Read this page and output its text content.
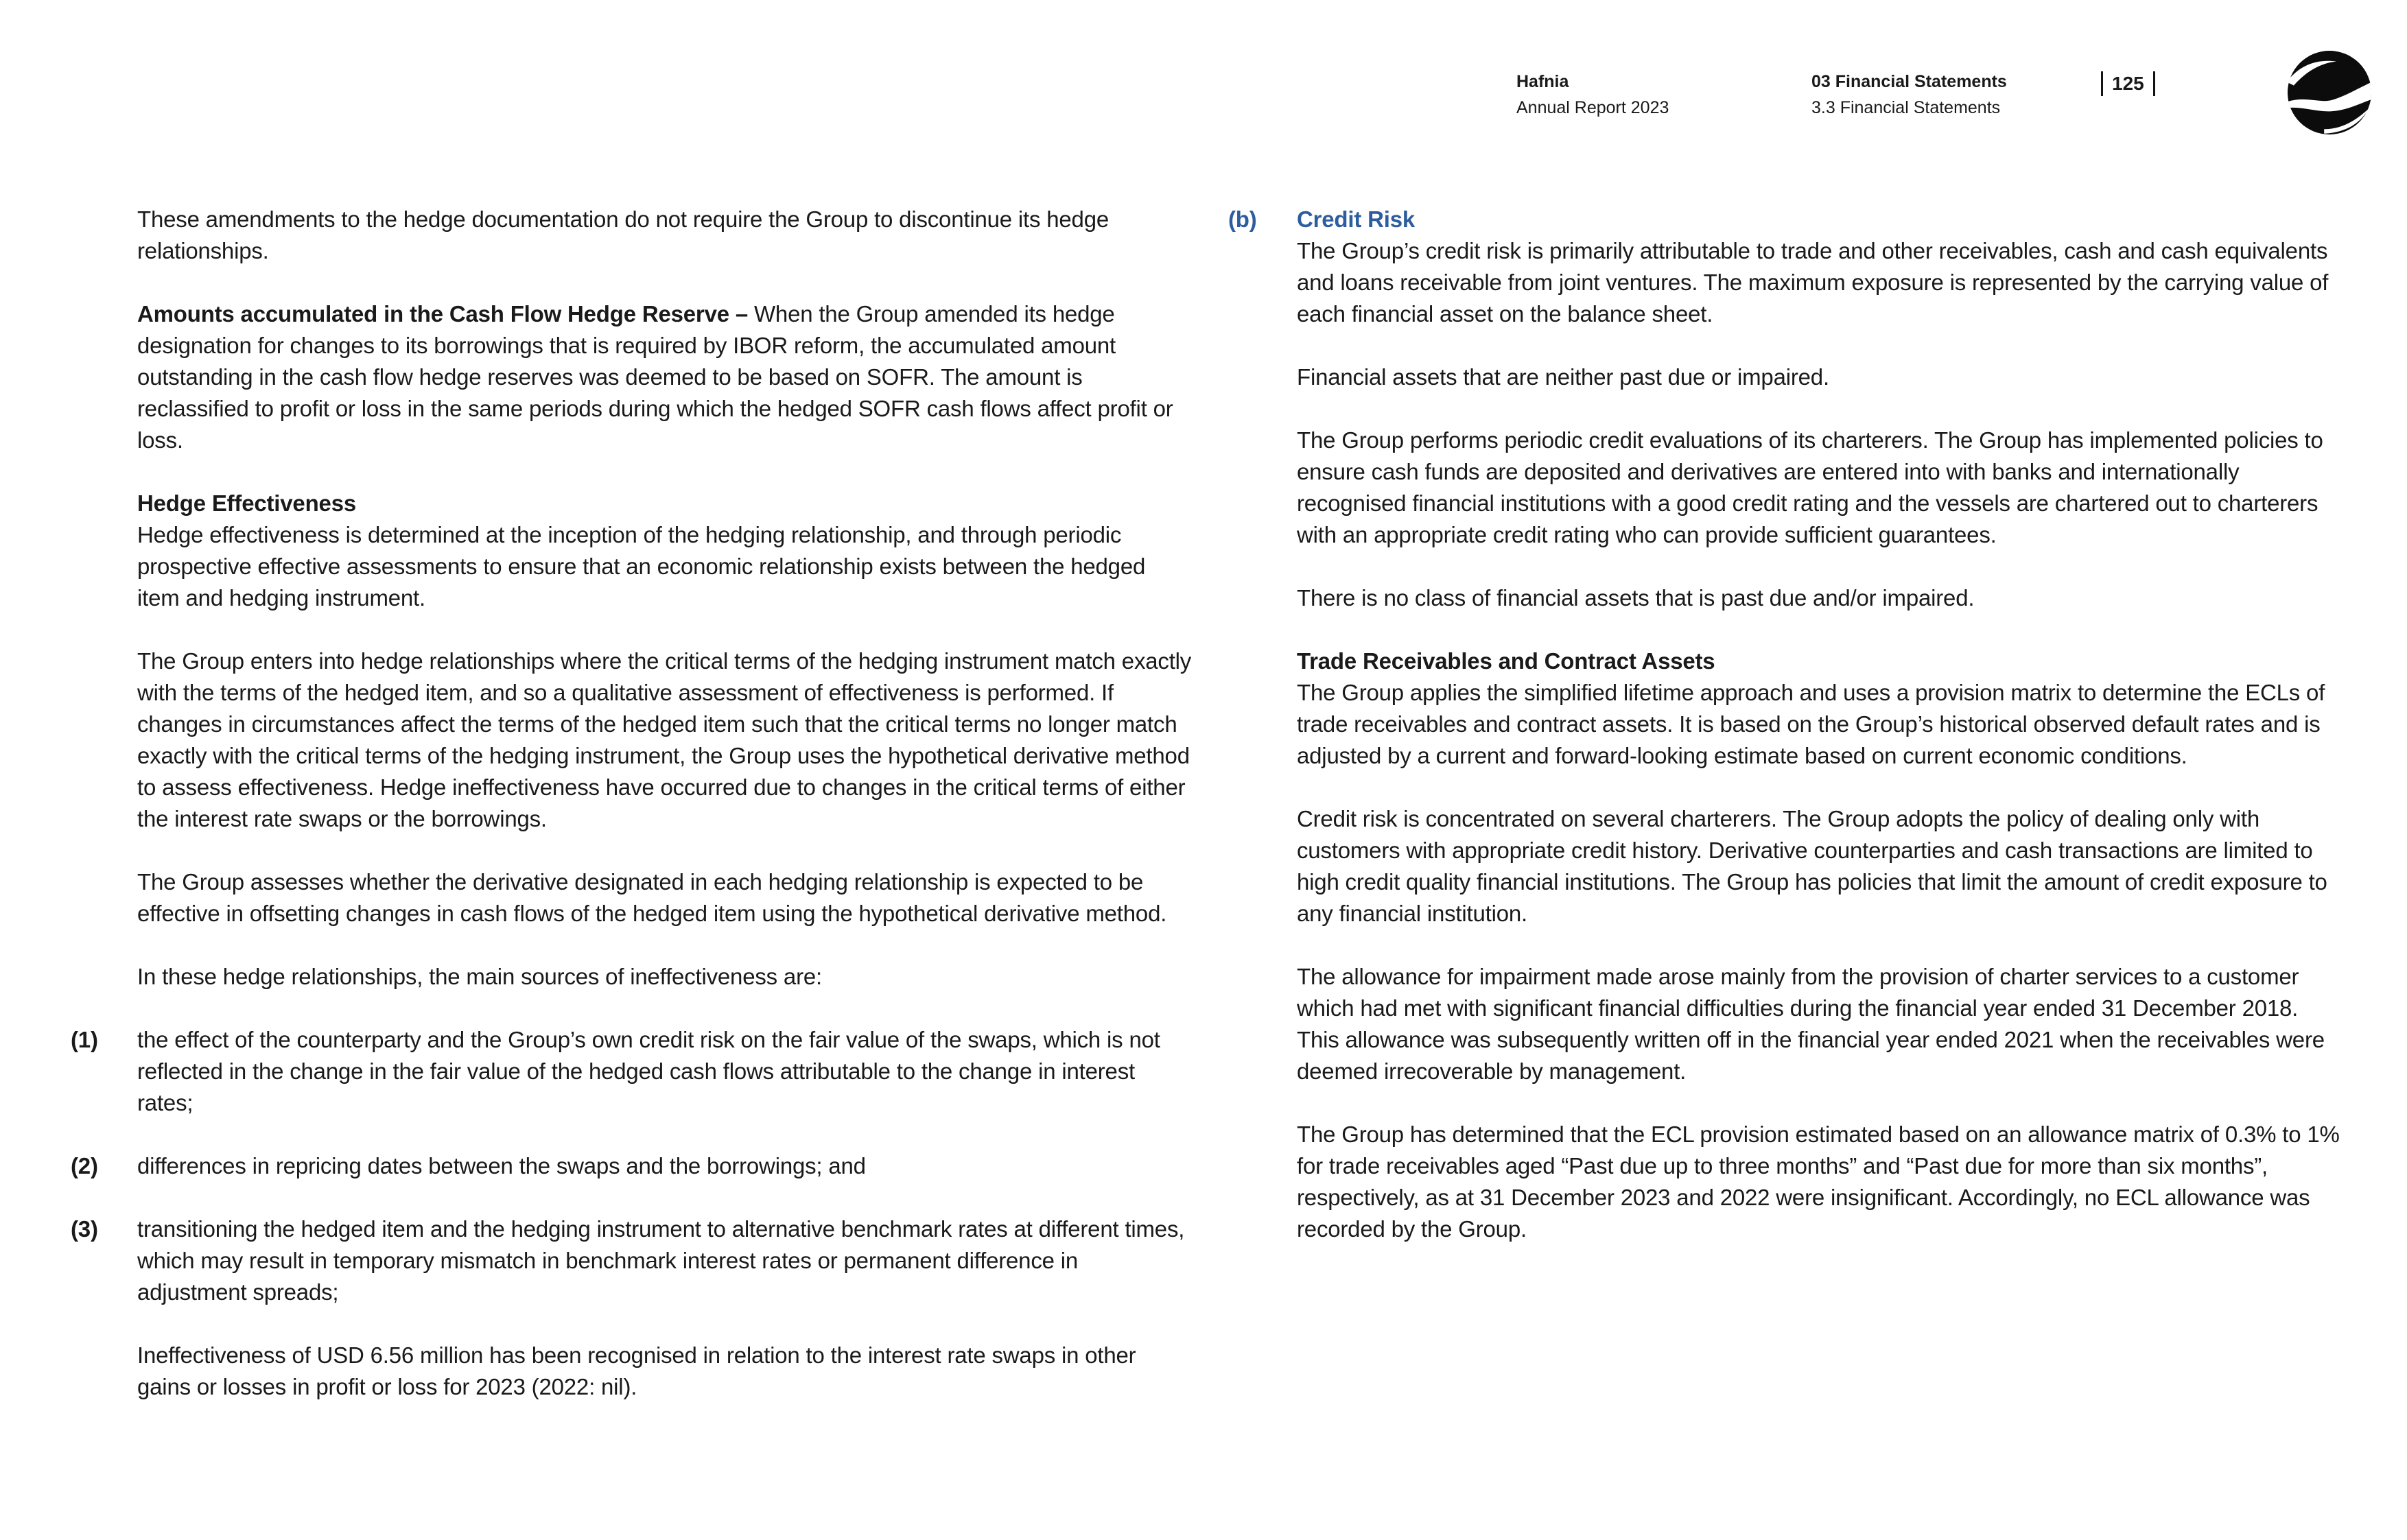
Hafnia
Annual Report 2023
03 Financial Statements
3.3 Financial Statements
125

These amendments to the hedge documentation do not require the Group to discontinue its hedge relationships.

Amounts accumulated in the Cash Flow Hedge Reserve – When the Group amended its hedge designation for changes to its borrowings that is required by IBOR reform, the accumulated amount outstanding in the cash flow hedge reserves was deemed to be based on SOFR. The amount is reclassified to profit or loss in the same periods during which the hedged SOFR cash flows affect profit or loss.

Hedge Effectiveness
Hedge effectiveness is determined at the inception of the hedging relationship, and through periodic prospective effective assessments to ensure that an economic relationship exists between the hedged item and hedging instrument.

The Group enters into hedge relationships where the critical terms of the hedging instrument match exactly with the terms of the hedged item, and so a qualitative assessment of effectiveness is performed. If changes in circumstances affect the terms of the hedged item such that the critical terms no longer match exactly with the critical terms of the hedging instrument, the Group uses the hypothetical derivative method to assess effectiveness. Hedge ineffectiveness have occurred due to changes in the critical terms of either the interest rate swaps or the borrowings.

The Group assesses whether the derivative designated in each hedging relationship is expected to be effective in offsetting changes in cash flows of the hedged item using the hypothetical derivative method.

In these hedge relationships, the main sources of ineffectiveness are:

(1) the effect of the counterparty and the Group’s own credit risk on the fair value of the swaps, which is not reflected in the change in the fair value of the hedged cash flows attributable to the change in interest rates;
(2) differences in repricing dates between the swaps and the borrowings; and
(3) transitioning the hedged item and the hedging instrument to alternative benchmark rates at different times, which may result in temporary mismatch in benchmark interest rates or permanent difference in adjustment spreads;

Ineffectiveness of USD 6.56 million has been recognised in relation to the interest rate swaps in other gains or losses in profit or loss for 2023 (2022: nil).

(b) Credit Risk

The Group’s credit risk is primarily attributable to trade and other receivables, cash and cash equivalents and loans receivable from joint ventures. The maximum exposure is represented by the carrying value of each financial asset on the balance sheet.

Financial assets that are neither past due or impaired.

The Group performs periodic credit evaluations of its charterers. The Group has implemented policies to ensure cash funds are deposited and derivatives are entered into with banks and internationally recognised financial institutions with a good credit rating and the vessels are chartered out to charterers with an appropriate credit rating who can provide sufficient guarantees.

There is no class of financial assets that is past due and/or impaired.

Trade Receivables and Contract Assets
The Group applies the simplified lifetime approach and uses a provision matrix to determine the ECLs of trade receivables and contract assets. It is based on the Group’s historical observed default rates and is adjusted by a current and forward-looking estimate based on current economic conditions.

Credit risk is concentrated on several charterers. The Group adopts the policy of dealing only with customers with appropriate credit history. Derivative counterparties and cash transactions are limited to high credit quality financial institutions. The Group has policies that limit the amount of credit exposure to any financial institution.

The allowance for impairment made arose mainly from the provision of charter services to a customer which had met with significant financial difficulties during the financial year ended 31 December 2018. This allowance was subsequently written off in the financial year ended 2021 when the receivables were deemed irrecoverable by management.

The Group has determined that the ECL provision estimated based on an allowance matrix of 0.3% to 1% for trade receivables aged “Past due up to three months” and “Past due for more than six months”, respectively, as at 31 December 2023 and 2022 were insignificant. Accordingly, no ECL allowance was recorded by the Group.
